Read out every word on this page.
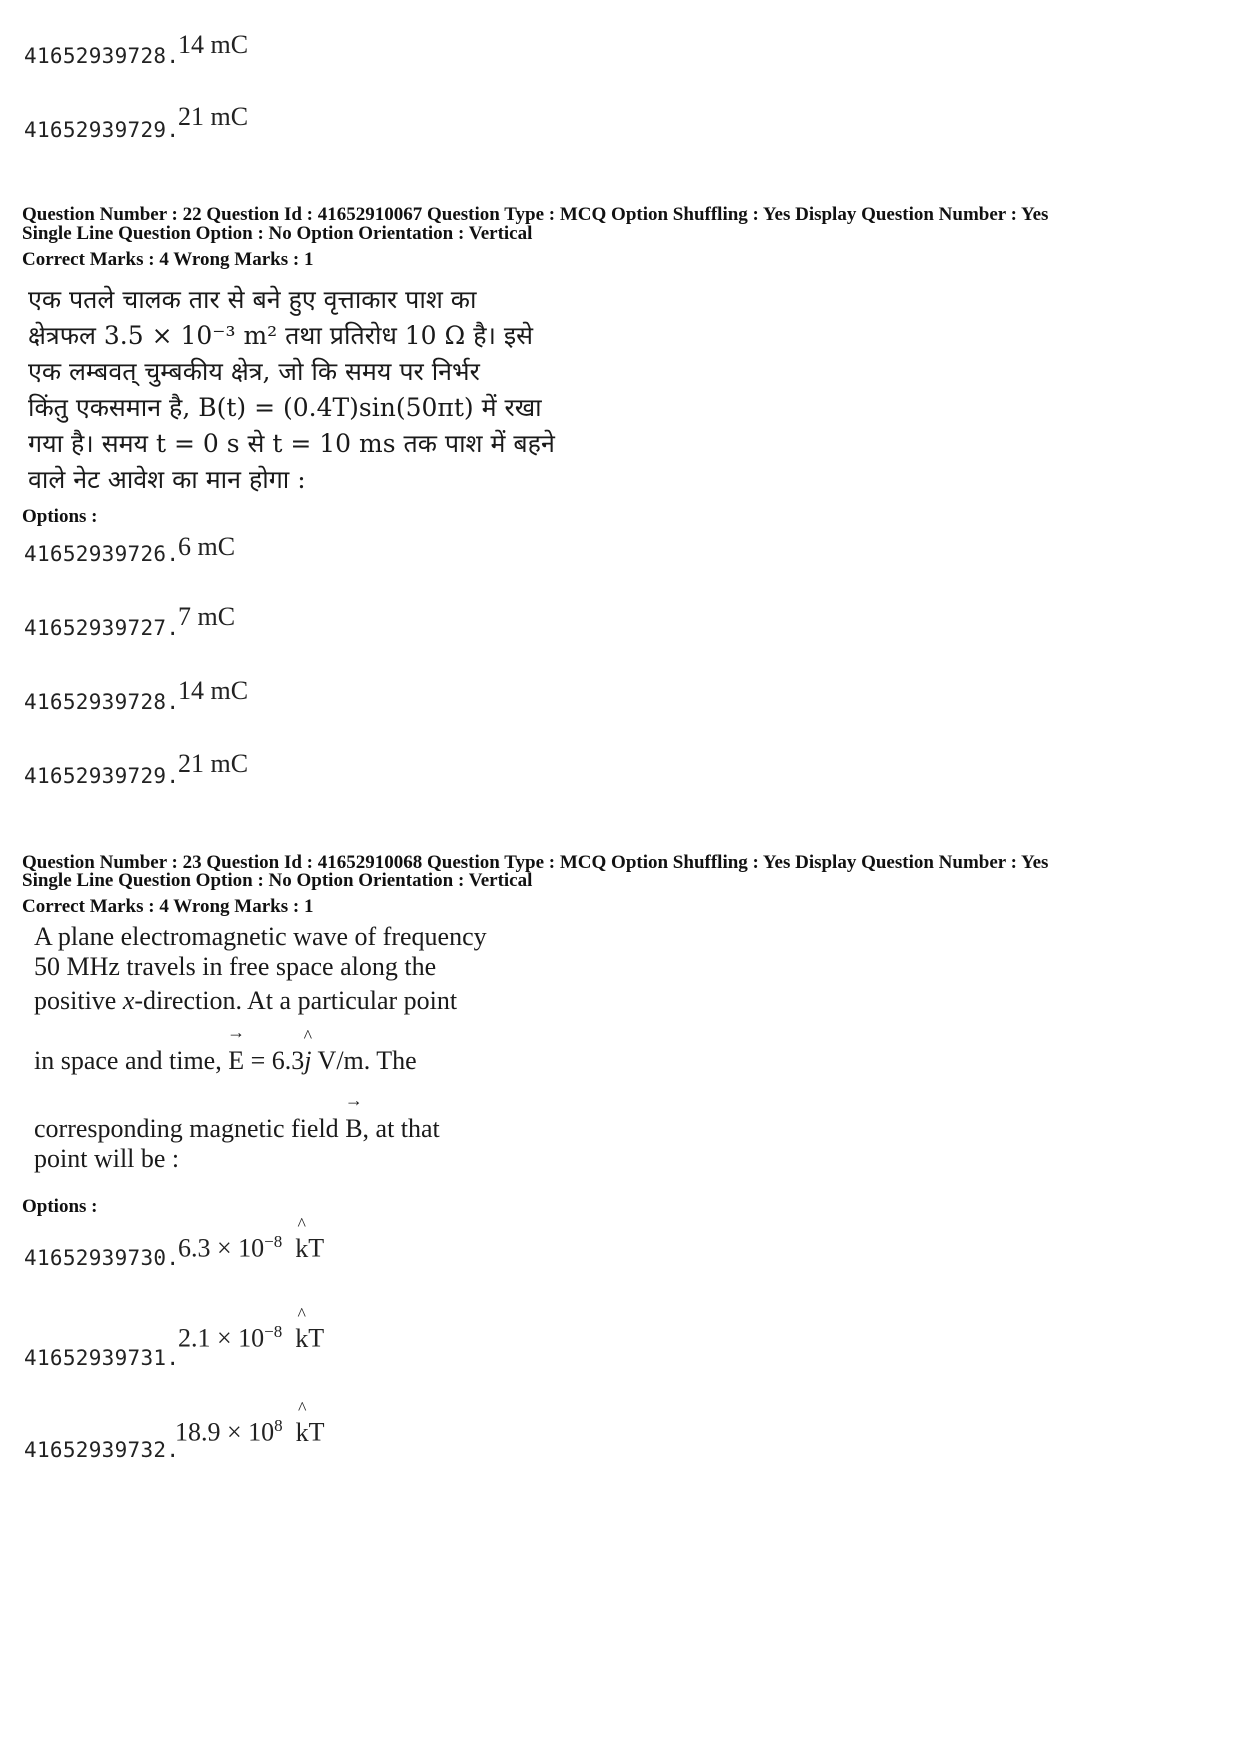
41652939728.
14 mC
41652939729.
21 mC
Question Number : 22 Question Id : 41652910067 Question Type : MCQ Option Shuffling : Yes Display Question Number : Yes
Single Line Question Option : No Option Orientation : Vertical
Correct Marks : 4 Wrong Marks : 1
एक पतले चालक तार से बने हुए वृत्ताकार पाश का
क्षेत्रफल 3.5 × 10⁻³ m² तथा प्रतिरोध 10 Ω है। इसे
एक लम्बवत् चुम्बकीय क्षेत्र, जो कि समय पर निर्भर
किंतु एकसमान है, B(t) = (0.4T)sin(50πt) में रखा
गया है। समय t = 0 s से t = 10 ms तक पाश में बहने
वाले नेट आवेश का मान होगा :
Options :
41652939726.
6 mC
41652939727.
7 mC
41652939728.
14 mC
41652939729.
21 mC
Question Number : 23 Question Id : 41652910068 Question Type : MCQ Option Shuffling : Yes Display Question Number : Yes
Single Line Question Option : No Option Orientation : Vertical
Correct Marks : 4 Wrong Marks : 1
A plane electromagnetic wave of frequency
50 MHz travels in free space along the
positive x-direction. At a particular point
in space and time,
→
E = 6.3
^
j V/m. The
corresponding magnetic field
→
B, at that
point will be :
Options :
41652939730.
$6.3 \times 10^{-8}$
^
kT
41652939731.
$2.1 \times 10^{-8}$
^
kT
41652939732.
$18.9 \times 10^8$
^
kT
